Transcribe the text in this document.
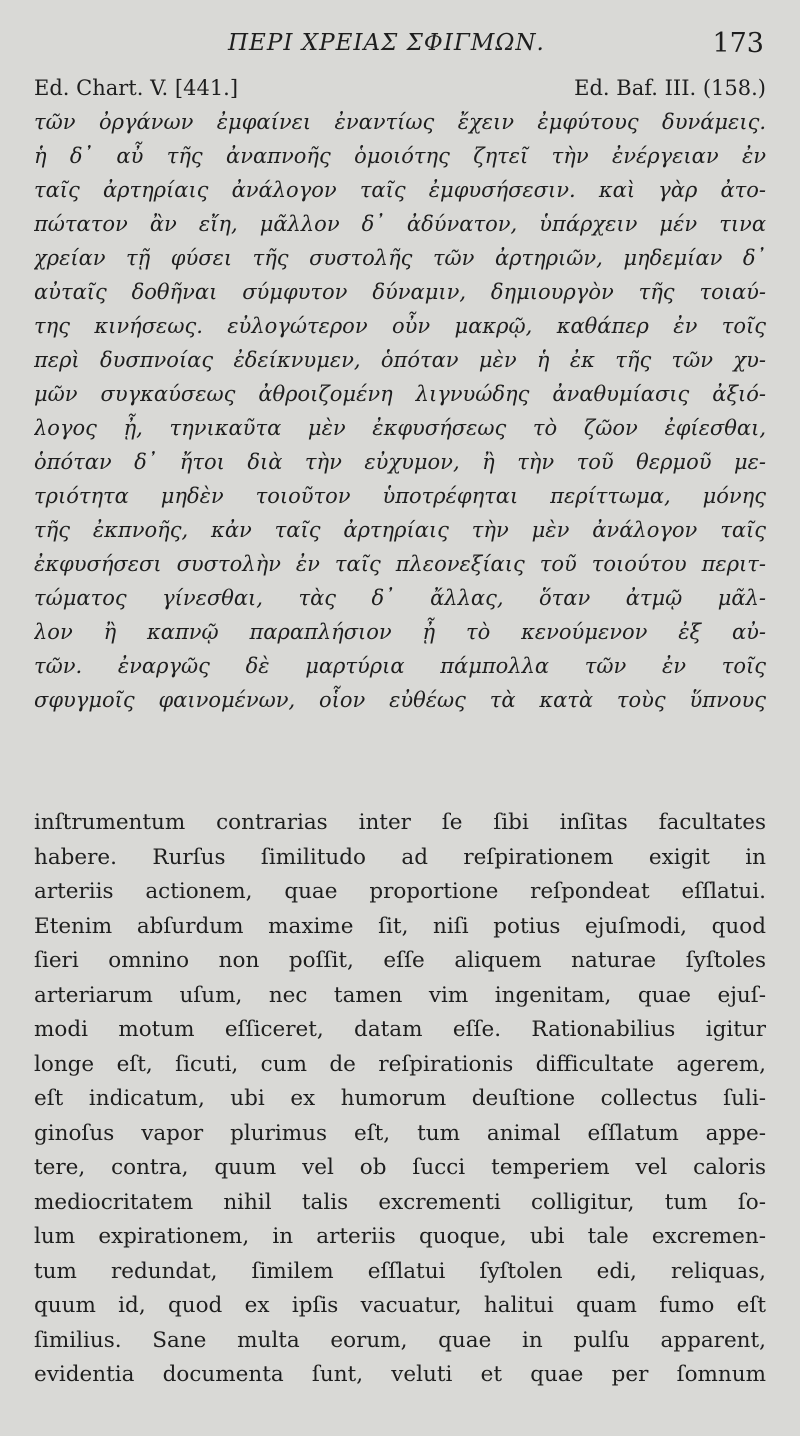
ΠΕΡΙ ΧΡΕΙΑΣ ΣΦΙΓΜΩΝ.	173
Ed. Chart. V. [441.]	Ed. Baf. III. (158.)
τῶν ὀργάνων ἐμφαίνει ἐναντίως ἔχειν ἐμφύτους δυνάμεις.
ἡ δ᾽ αὖ τῆς ἀναπνοῆς ὁμοιότης ζητεῖ τὴν ἐνέργειαν ἐν
ταῖς ἀρτηρίαις ἀνάλογον ταῖς ἐμφυσήσεσιν. καὶ γὰρ ἀτο-
πώτατον ἂν εἴη, μᾶλλον δ᾽ ἀδύνατον, ὑπάρχειν μέν τινα
χρείαν τῇ φύσει τῆς συστολῆς τῶν ἀρτηριῶν, μηδεμίαν δ᾽
αὐταῖς δοθῆναι σύμφυτον δύναμιν, δημιουργὸν τῆς τοιαύ-
της κινήσεως. εὐλογώτερον οὖν μακρῷ, καθάπερ ἐν τοῖς
περὶ δυσπνοίας ἐδείκνυμεν, ὁπόταν μὲν ἡ ἐκ τῆς τῶν χυ-
μῶν συγκαύσεως ἀθροιζομένη λιγνυώδης ἀναθυμίασις ἀξιό-
λογος ᾖ, τηνικαῦτα μὲν ἐκφυσήσεως τὸ ζῶον ἐφίεσθαι,
ὁπόταν δ᾽ ἤτοι διὰ τὴν εὐχυμον, ἢ τὴν τοῦ θερμοῦ με-
τριότητα μηδὲν τοιοῦτον ὑποτρέφηται περίττωμα, μόνης
τῆς ἐκπνοῆς, κἀν ταῖς ἀρτηρίαις τὴν μὲν ἀνάλογον ταῖς
ἐκφυσήσεσι συστολὴν ἐν ταῖς πλεονεξίαις τοῦ τοιούτου περιτ-
τώματος γίνεσθαι, τὰς δ᾽ ἄλλας, ὅταν ἀτμῷ μᾶλ-
λον ἢ καπνῷ παραπλήσιον ᾖ τὸ κενούμενον ἐξ αὐ-
τῶν. ἐναργῶς δὲ μαρτύρια πάμπολλα τῶν ἐν τοῖς
σφυγμοῖς φαινομένων, οἷον εὐθέως τὰ κατὰ τοὺς ὕπνους
inſtrumentum contrarias inter ſe ſibi inſitas facultates
habere. Rurſus ſimilitudo ad reſpirationem exigit in
arteriis actionem, quae proportione reſpondeat eſſlatui.
Etenim abſurdum maxime ſit, niſi potius ejuſmodi, quod
ſieri omnino non poſſit, eſſe aliquem naturae ſyſtoles
arteriarum uſum, nec tamen vim ingenitam, quae ejuſ-
modi motum eſſiceret, datam eſſe. Rationabilius igitur
longe eſt, ſicuti, cum de reſpirationis difficultate agerem,
eſt indicatum, ubi ex humorum deuſtione collectus ſuli-
ginoſus vapor plurimus eſt, tum animal eſſlatum appe-
tere, contra, quum vel ob ſucci temperiem vel caloris
mediocritatem nihil talis excrementi colligitur, tum ſo-
lum expirationem, in arteriis quoque, ubi tale excremen-
tum redundat, ſimilem eſſlatui ſyſtolen edi, reliquas,
quum id, quod ex ipſis vacuatur, halitui quam fumo eſt
ſimilius. Sane multa eorum, quae in pulſu apparent,
evidentia documenta ſunt, veluti et quae per ſomnum
